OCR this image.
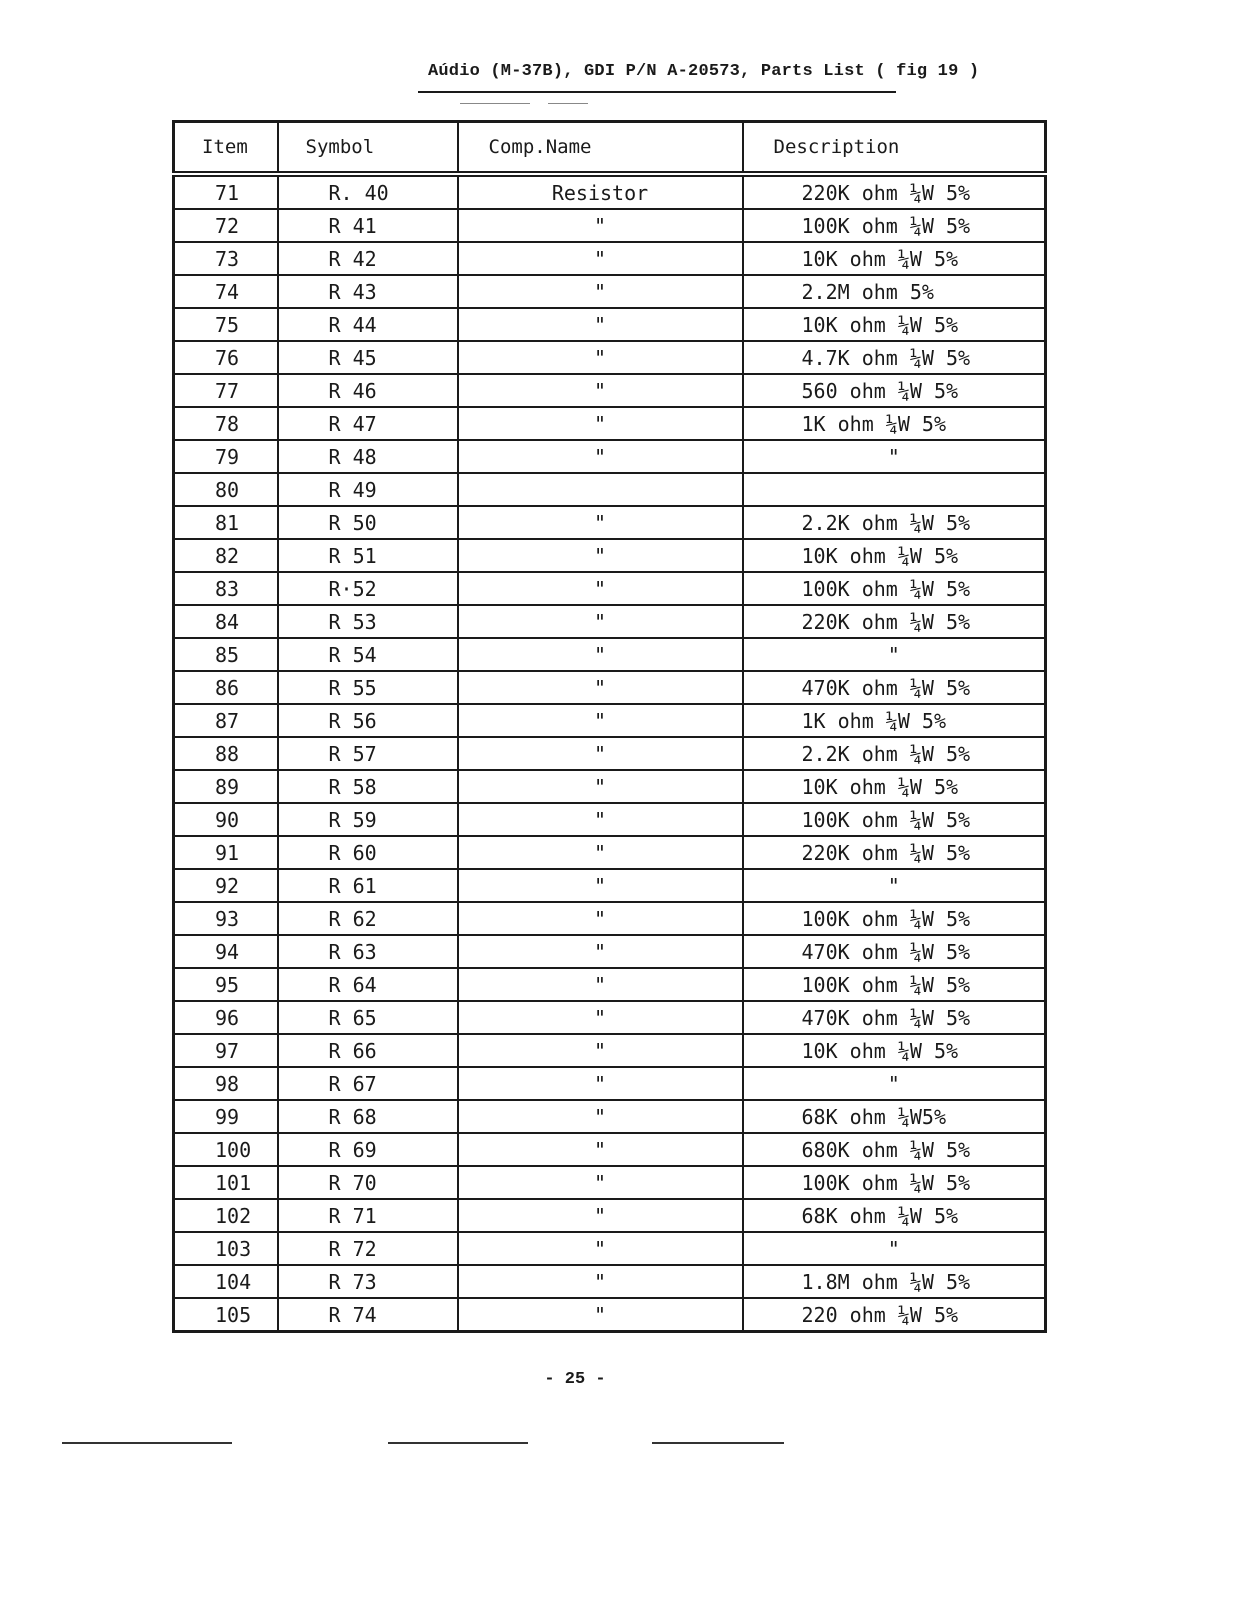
Aúdio (M-37B), GDI P/N A-20573, Parts List ( fig 19 )
Item	Symbol	Comp.Name	Description
71	R. 40	Resistor	220K ohm ¼W 5%
72	R 41	"	100K ohm ¼W 5%
73	R 42	"	10K ohm ¼W 5%
74	R 43	"	2.2M ohm 5%
75	R 44	"	10K ohm ¼W 5%
76	R 45	"	4.7K ohm ¼W 5%
77	R 46	"	560 ohm ¼W 5%
78	R 47	"	1K ohm ¼W 5%
79	R 48	"	"
80	R 49		
81	R 50	"	2.2K ohm ¼W 5%
82	R 51	"	10K ohm ¼W 5%
83	R·52	"	100K ohm ¼W 5%
84	R 53	"	220K ohm ¼W 5%
85	R 54	"	"
86	R 55	"	470K ohm ¼W 5%
87	R 56	"	1K ohm ¼W 5%
88	R 57	"	2.2K ohm ¼W 5%
89	R 58	"	10K ohm ¼W 5%
90	R 59	"	100K ohm ¼W 5%
91	R 60	"	220K ohm ¼W 5%
92	R 61	"	"
93	R 62	"	100K ohm ¼W 5%
94	R 63	"	470K ohm ¼W 5%
95	R 64	"	100K ohm ¼W 5%
96	R 65	"	470K ohm ¼W 5%
97	R 66	"	10K ohm ¼W 5%
98	R 67	"	"
99	R 68	"	68K ohm ¼W5%
100	R 69	"	680K ohm ¼W 5%
101	R 70	"	100K ohm ¼W 5%
102	R 71	"	68K ohm ¼W 5%
103	R 72	"	"
104	R 73	"	1.8M ohm ¼W 5%
105	R 74	"	220 ohm ¼W 5%
- 25 -
